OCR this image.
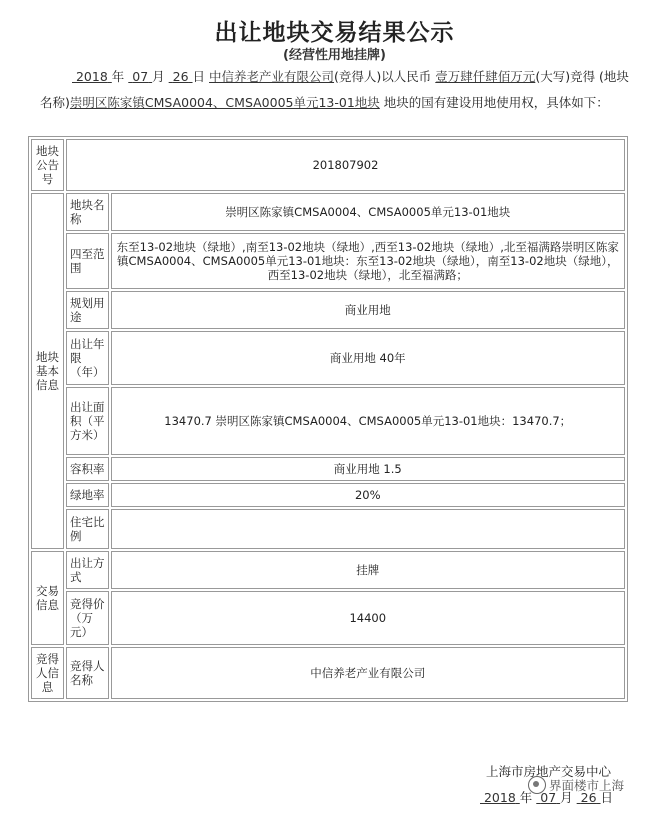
出让地块交易结果公示
(经营性用地挂牌)
2018 年 07 月 26 日 中信养老产业有限公司(竞得人)以人民币 壹万肆仟肆佰万元(大写)竞得 (地块
名称)崇明区陈家镇CMSA0004、CMSA0005单元13-01地块 地块的国有建设用地使用权，具体如下：
地块公告号	201807902	
地块基本信息	地块名称	崇明区陈家镇CMSA0004、CMSA0005单元13-01地块
	四至范围	东至13-02地块（绿地）,南至13-02地块（绿地）,西至13-02地块（绿地）,北至福满路崇明区陈家镇CMSA0004、CMSA0005单元13-01地块：东至13-02地块（绿地），南至13-02地块（绿地），西至13-02地块（绿地），北至福满路；
	规划用途	商业用地
	出让年限（年）	商业用地 40年
	出让面积（平方米）	13470.7 崇明区陈家镇CMSA0004、CMSA0005单元13-01地块：13470.7；
	容积率	商业用地 1.5
	绿地率	20%
	住宅比例	
交易信息	出让方式	挂牌
	竞得价（万元）	14400
竞得人信息	竞得人名称	中信养老产业有限公司
上海市房地产交易中心
界面楼市上海
2018 年 07 月 26 日
